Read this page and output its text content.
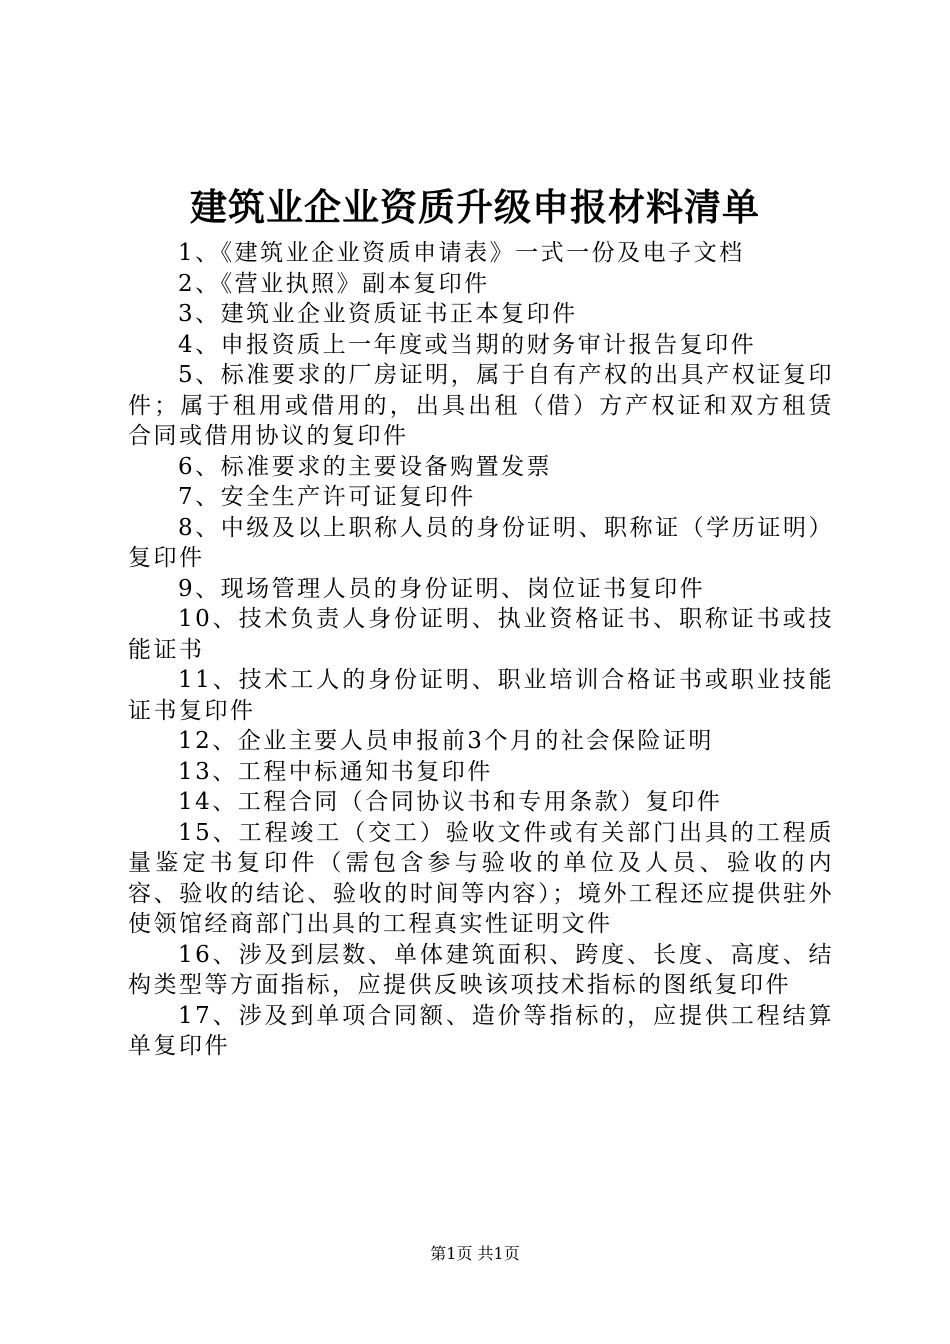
建筑业企业资质升级申报材料清单

1、《建筑业企业资质申请表》一式一份及电子文档

2、《营业执照》副本复印件

3、建筑业企业资质证书正本复印件

4、申报资质上一年度或当期的财务审计报告复印件

5、标准要求的厂房证明，属于自有产权的出具产权证复印件；属于租用或借用的，出具出租（借）方产权证和双方租赁合同或借用协议的复印件

6、标准要求的主要设备购置发票

7、安全生产许可证复印件

8、中级及以上职称人员的身份证明、职称证（学历证明）复印件

9、现场管理人员的身份证明、岗位证书复印件

10、技术负责人身份证明、执业资格证书、职称证书或技能证书

11、技术工人的身份证明、职业培训合格证书或职业技能证书复印件

12、企业主要人员申报前3个月的社会保险证明

13、工程中标通知书复印件

14、工程合同（合同协议书和专用条款）复印件

15、工程竣工（交工）验收文件或有关部门出具的工程质量鉴定书复印件（需包含参与验收的单位及人员、验收的内容、验收的结论、验收的时间等内容）；境外工程还应提供驻外使领馆经商部门出具的工程真实性证明文件

16、涉及到层数、单体建筑面积、跨度、长度、高度、结构类型等方面指标，应提供反映该项技术指标的图纸复印件

17、涉及到单项合同额、造价等指标的，应提供工程结算单复印件

第1页 共1页
